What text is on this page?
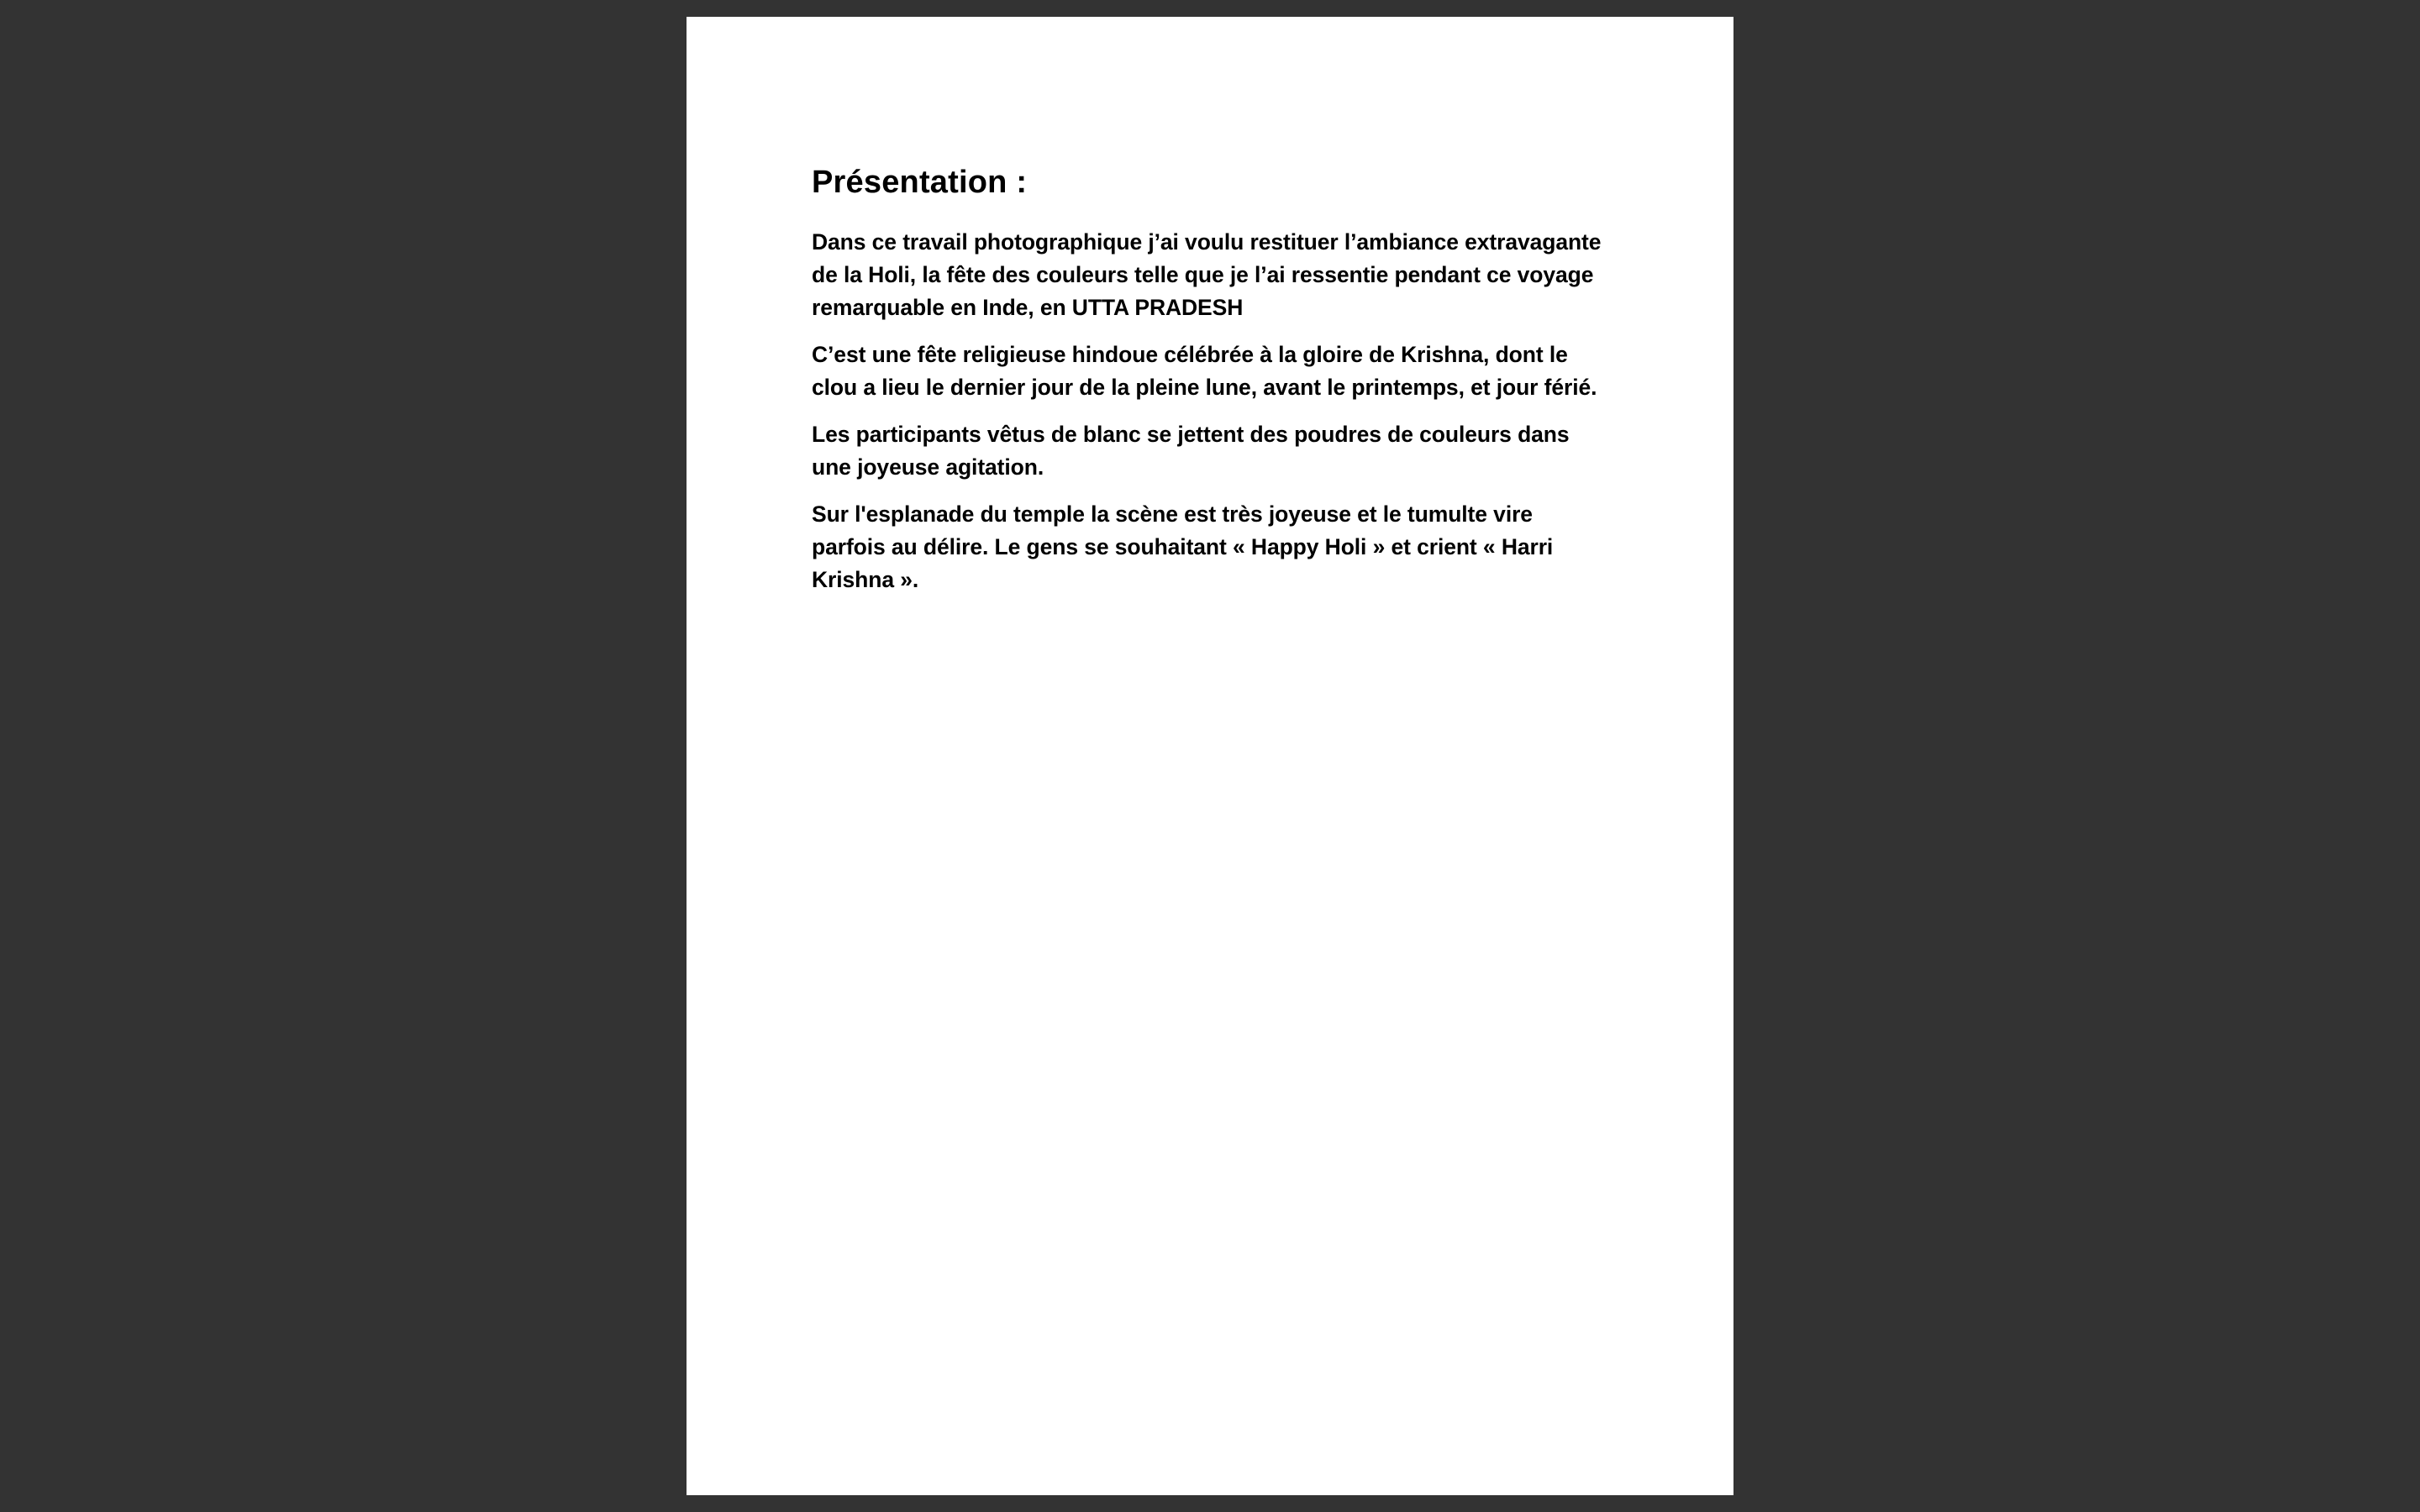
Présentation :

Dans ce travail photographique j’ai voulu restituer l’ambiance extravagante de la Holi, la fête des couleurs telle que je l’ai ressentie pendant ce voyage remarquable en Inde, en UTTA PRADESH

C’est une fête religieuse hindoue célébrée à la gloire de Krishna, dont le clou a lieu le dernier jour de la pleine lune, avant le printemps, et jour férié.

Les participants vêtus de blanc se jettent des poudres de couleurs dans une joyeuse agitation.

Sur l'esplanade du temple la scène est très joyeuse et le tumulte vire parfois au délire. Le gens se souhaitant « Happy Holi » et crient « Harri Krishna ».
